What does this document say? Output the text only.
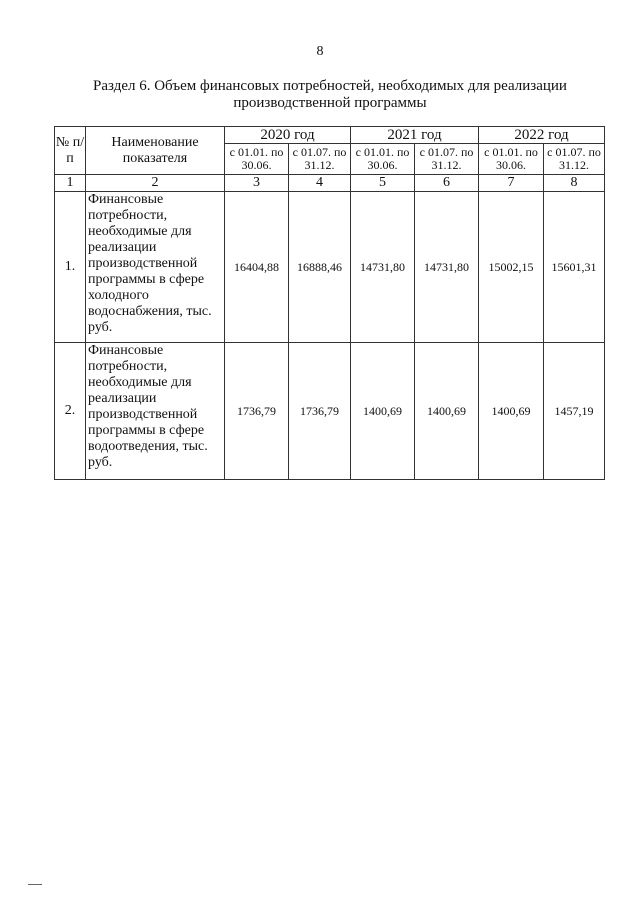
8
Раздел 6. Объем финансовых потребностей, необходимых для реализации
производственной программы
№ п/п	Наименование показателя	2020 год		2021 год		2022 год	
		с 01.01. по 30.06.	с 01.07. по 31.12.	с 01.01. по 30.06.	с 01.07. по 31.12.	с 01.01. по 30.06.	с 01.07. по 31.12.
1	2	3	4	5	6	7	8
1.	Финансовые потребности, необходимые для реализации производственной программы в сфере холодного водоснабжения, тыс. руб.	16404,88	16888,46	14731,80	14731,80	15002,15	15601,31
2.	Финансовые потребности, необходимые для реализации производственной программы в сфере водоотведения, тыс. руб.	1736,79	1736,79	1400,69	1400,69	1400,69	1457,19
